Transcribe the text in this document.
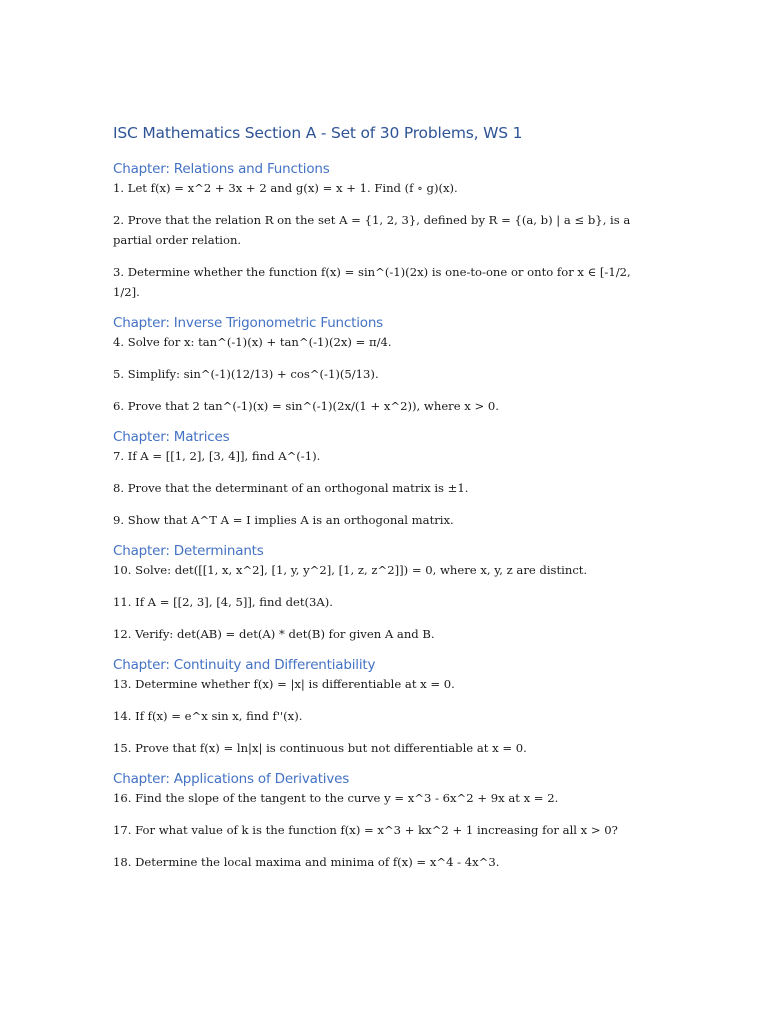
ISC Mathematics Section A - Set of 30 Problems, WS 1
Chapter: Relations and Functions

1. Let f(x) = x^2 + 3x + 2 and g(x) = x + 1. Find (f ∘ g)(x).

2. Prove that the relation R on the set A = {1, 2, 3}, defined by R = {(a, b) | a ≤ b}, is a partial order relation.

3. Determine whether the function f(x) = sin^(-1)(2x) is one-to-one or onto for x ∈ [-1/2, 1/2].

Chapter: Inverse Trigonometric Functions

4. Solve for x: tan^(-1)(x) + tan^(-1)(2x) = π/4.

5. Simplify: sin^(-1)(12/13) + cos^(-1)(5/13).

6. Prove that 2 tan^(-1)(x) = sin^(-1)(2x/(1 + x^2)), where x > 0.

Chapter: Matrices

7. If A = [[1, 2], [3, 4]], find A^(-1).

8. Prove that the determinant of an orthogonal matrix is ±1.

9. Show that A^T A = I implies A is an orthogonal matrix.

Chapter: Determinants

10. Solve: det([[1, x, x^2], [1, y, y^2], [1, z, z^2]]) = 0, where x, y, z are distinct.

11. If A = [[2, 3], [4, 5]], find det(3A).

12. Verify: det(AB) = det(A) * det(B) for given A and B.

Chapter: Continuity and Differentiability

13. Determine whether f(x) = |x| is differentiable at x = 0.

14. If f(x) = e^x sin x, find f''(x).

15. Prove that f(x) = ln|x| is continuous but not differentiable at x = 0.

Chapter: Applications of Derivatives

16. Find the slope of the tangent to the curve y = x^3 - 6x^2 + 9x at x = 2.

17. For what value of k is the function f(x) = x^3 + kx^2 + 1 increasing for all x > 0?

18. Determine the local maxima and minima of f(x) = x^4 - 4x^3.
